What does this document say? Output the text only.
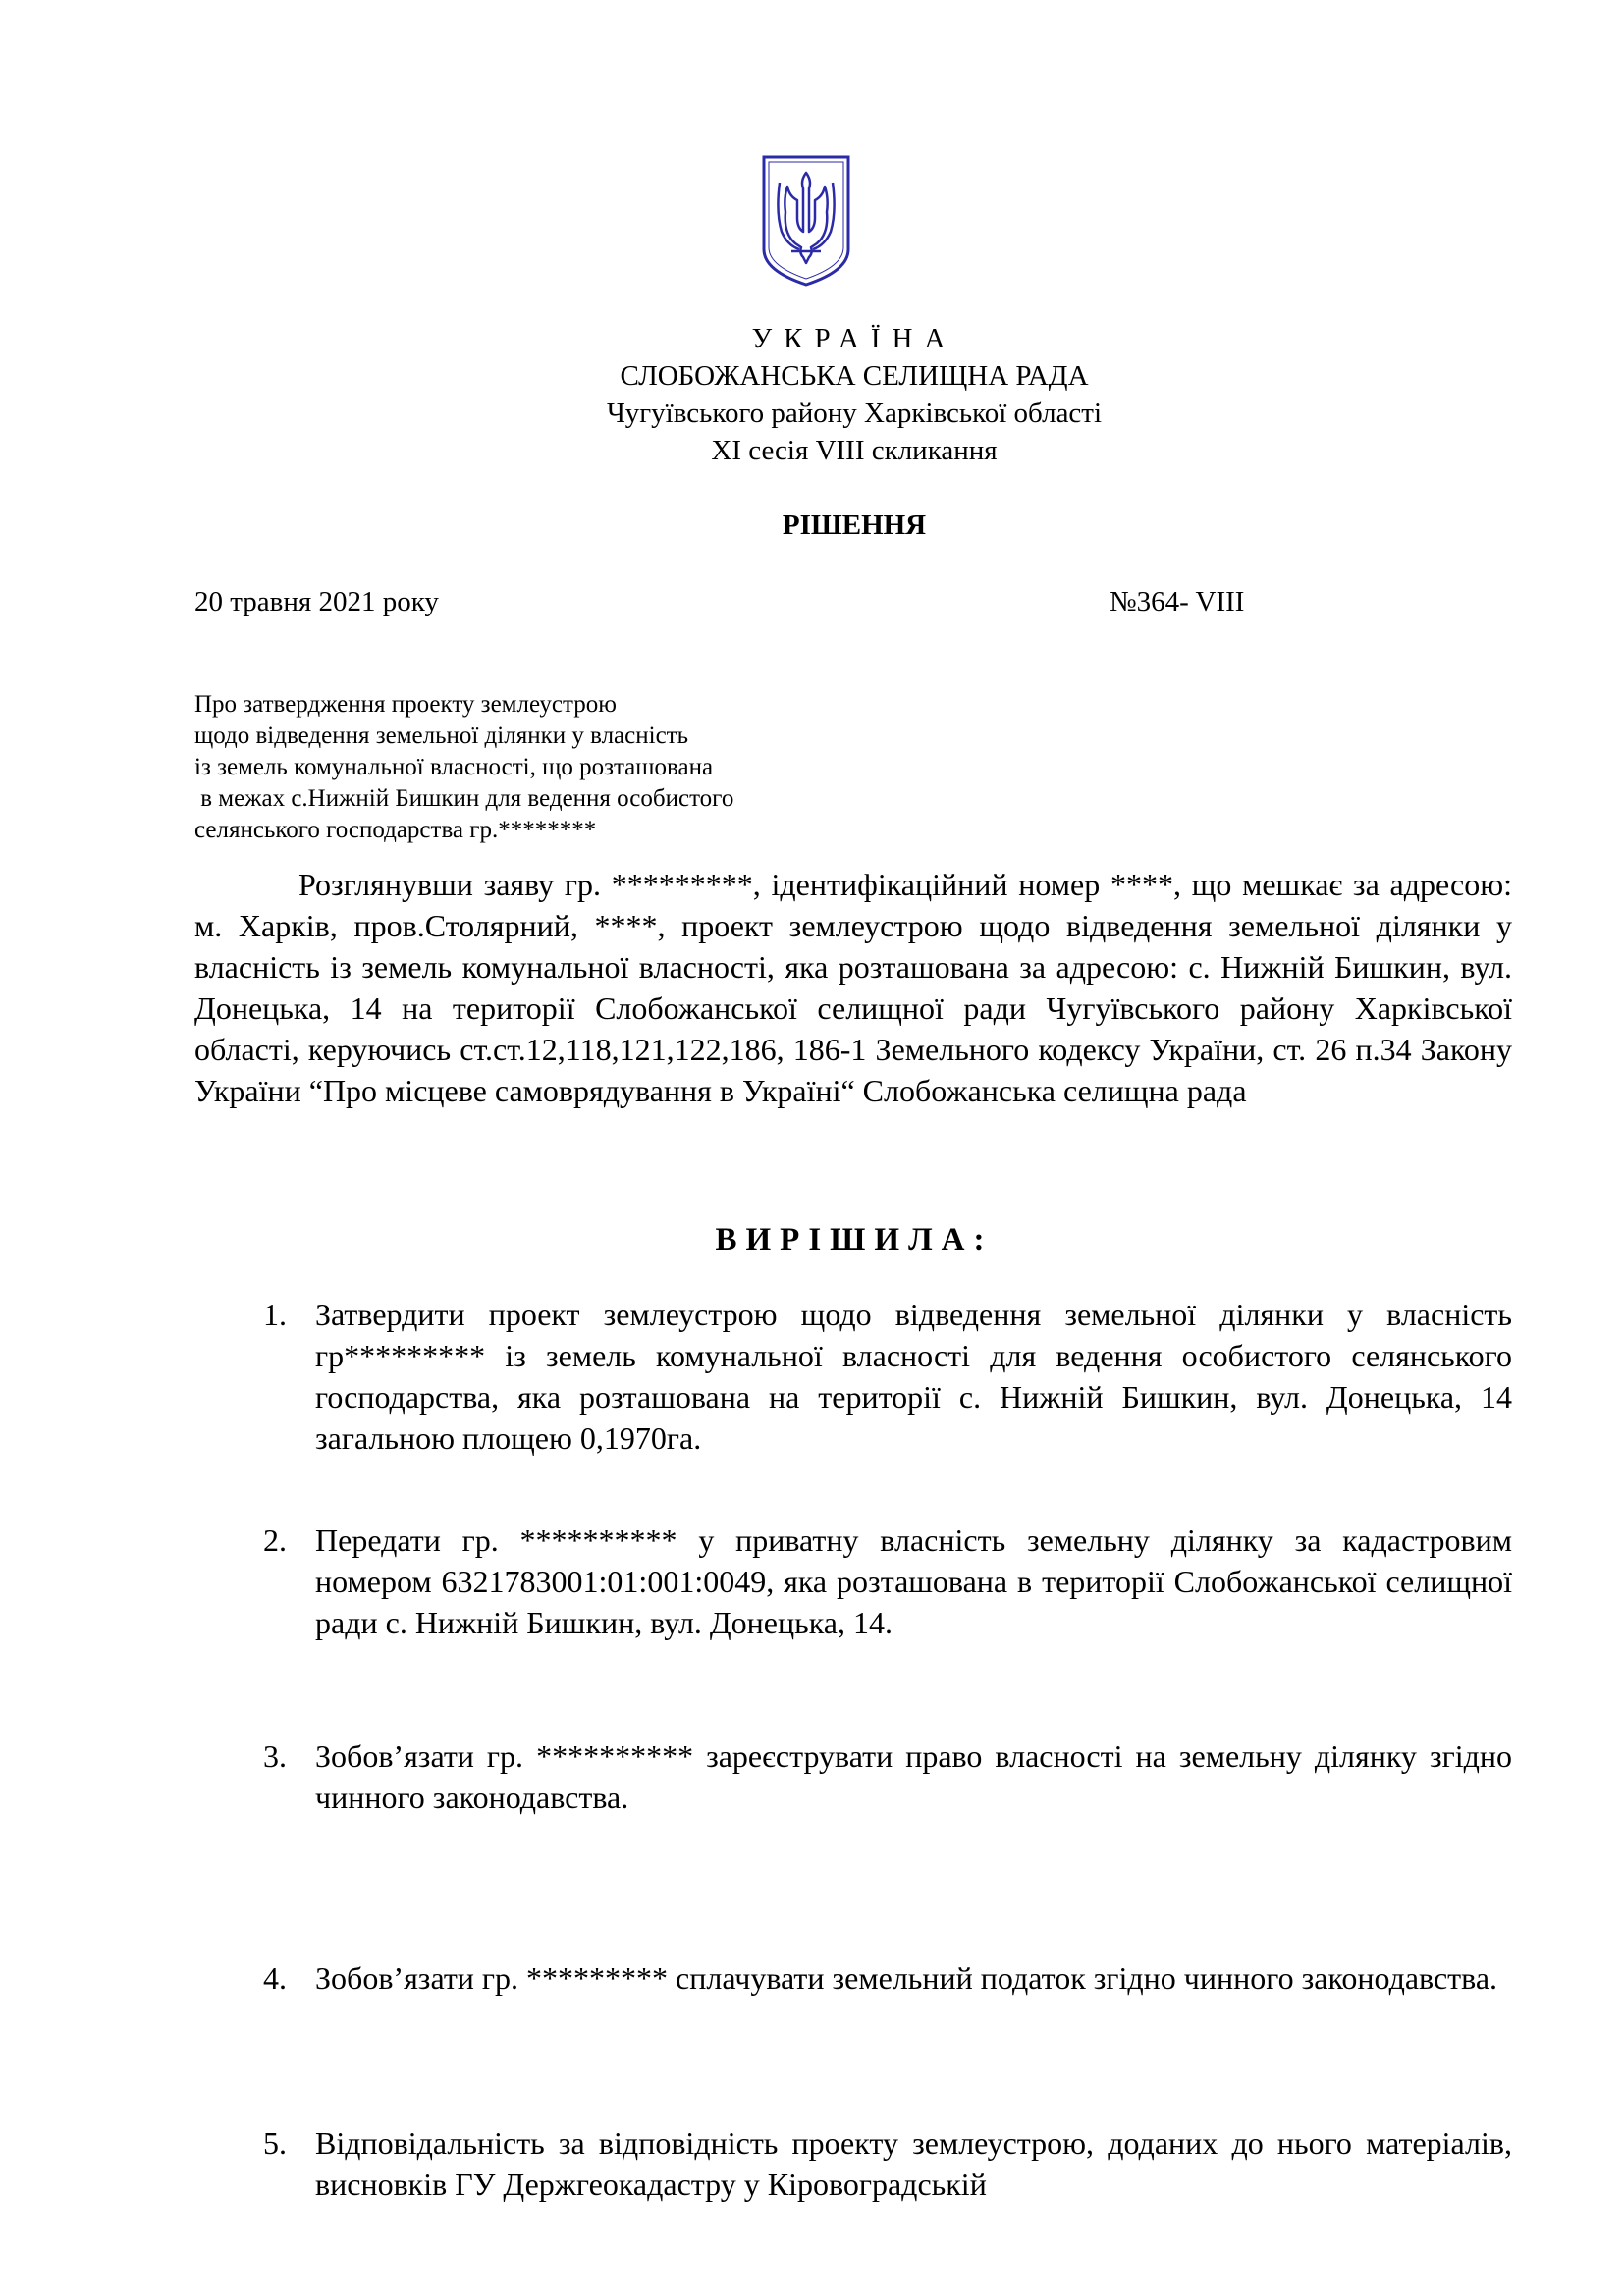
УКРАЇНА
СЛОБОЖАНСЬКА СЕЛИЩНА РАДА
Чугуївського району Харківської області
XI сесія VIII скликання
РІШЕННЯ
20 травня 2021 року	№364- VIII
Про затвердження проекту землеустрою
щодо відведення земельної ділянки у власність
із земель комунальної власності, що розташована
в межах с.Нижній Бишкин для ведення особистого
селянського господарства гр.********
Розглянувши заяву гр. *********, ідентифікаційний номер ****, що мешкає за адресою: м. Харків, пров.Столярний, ****, проект землеустрою щодо відведення земельної ділянки у власність із земель комунальної власності, яка розташована за адресою: с. Нижній Бишкин, вул. Донецька, 14 на території Слобожанської селищної ради Чугуївського району Харківської області, керуючись ст.ст.12,118,121,122,186, 186-1 Земельного кодексу України, ст. 26 п.34 Закону України “Про місцеве самоврядування в Україні“ Слобожанська селищна рада
ВИРІШИЛА:
1. Затвердити проект землеустрою щодо відведення земельної ділянки у власність гр********* із земель комунальної власності для ведення особистого селянського господарства, яка розташована на території с. Нижній Бишкин, вул. Донецька, 14 загальною площею 0,1970га.
2. Передати гр. ********** у приватну власність земельну ділянку за кадастровим номером 6321783001:01:001:0049, яка розташована в території Слобожанської селищної ради с. Нижній Бишкин, вул. Донецька, 14.
3. Зобов’язати гр. ********** зареєструвати право власності на земельну ділянку згідно чинного законодавства.
4. Зобов’язати гр. ********* сплачувати земельний податок згідно чинного законодавства.
5. Відповідальність за відповідність проекту землеустрою, доданих до нього матеріалів, висновків ГУ Держгеокадастру у Кіровоградській
